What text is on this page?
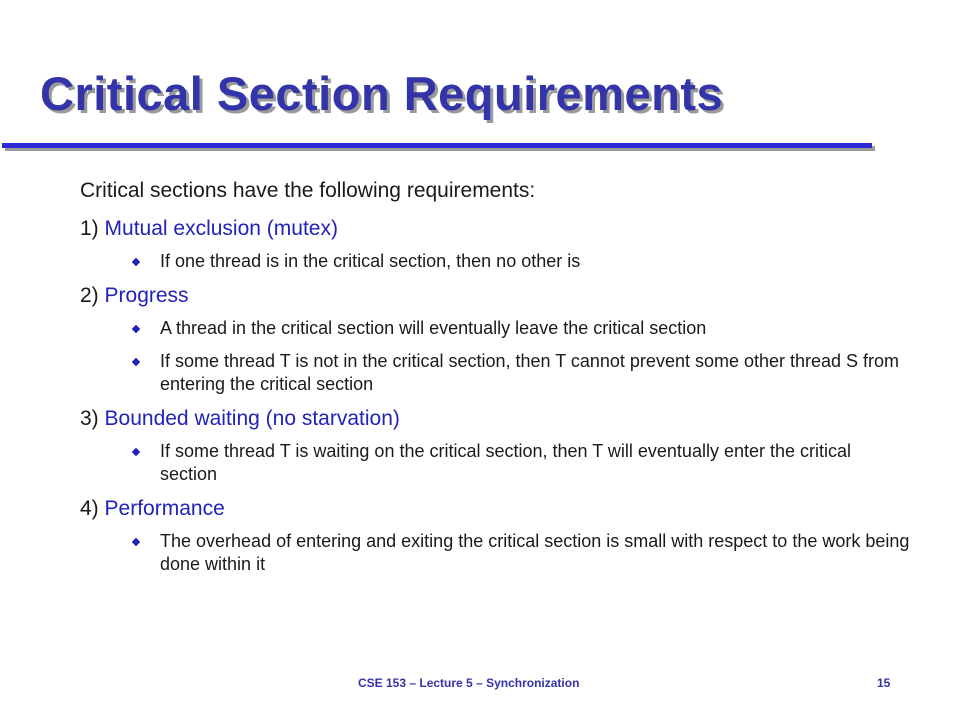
Critical Section Requirements

Critical sections have the following requirements:

1) Mutual exclusion (mutex)
If one thread is in the critical section, then no other is
2) Progress
A thread in the critical section will eventually leave the critical section
If some thread T is not in the critical section, then T cannot prevent some other thread S from entering the critical section
3) Bounded waiting (no starvation)
If some thread T is waiting on the critical section, then T will eventually enter the critical section
4) Performance
The overhead of entering and exiting the critical section is small with respect to the work being done within it
CSE 153 – Lecture 5 – Synchronization	15
